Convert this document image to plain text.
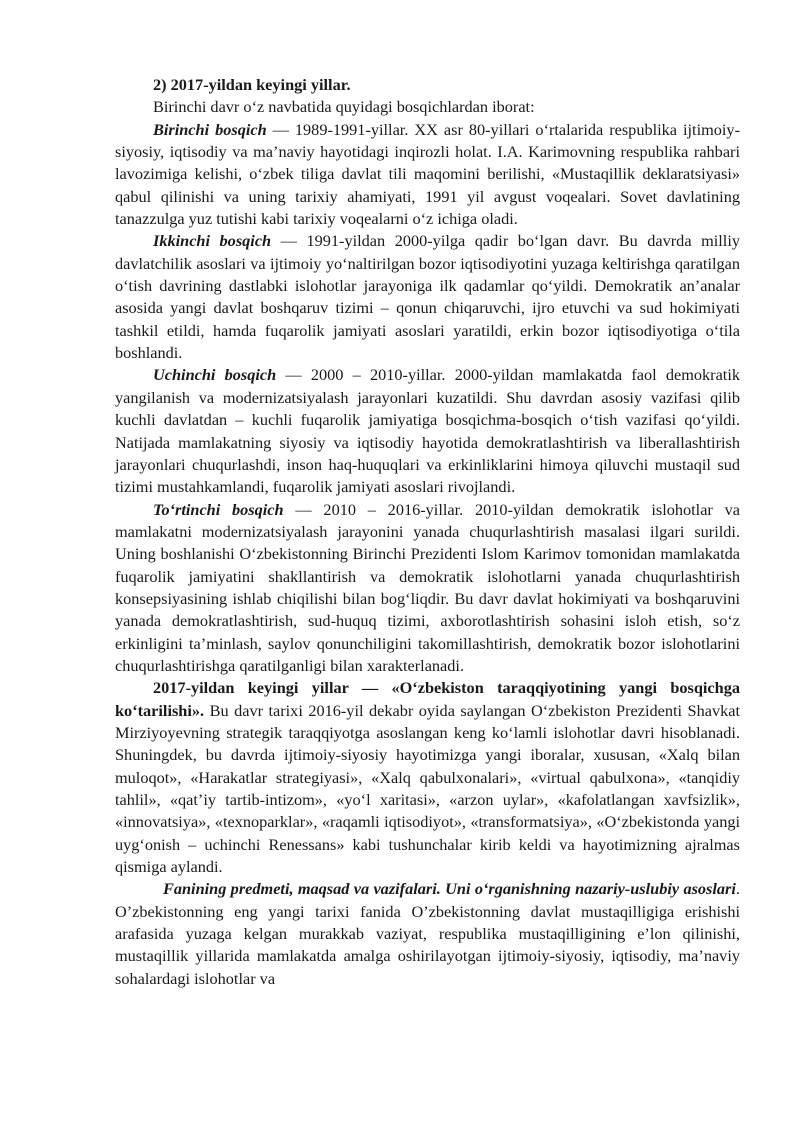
2) 2017-yildan keyingi yillar.

Birinchi davr o‘z navbatida quyidagi bosqichlardan iborat:

Birinchi bosqich — 1989-1991-yillar. XX asr 80-yillari o‘rtalarida respublika ijtimoiy-siyosiy, iqtisodiy va ma’naviy hayotidagi inqirozli holat. I.A. Karimovning respublika rahbari lavozimiga kelishi, o‘zbek tiliga davlat tili maqomini berilishi, «Mustaqillik deklaratsiyasi» qabul qilinishi va uning tarixiy ahamiyati, 1991 yil avgust voqealari. Sovet davlatining tanazzulga yuz tutishi kabi tarixiy voqealarni o‘z ichiga oladi.

Ikkinchi bosqich — 1991-yildan 2000-yilga qadir bo‘lgan davr. Bu davrda milliy davlatchilik asoslari va ijtimoiy yo‘naltirilgan bozor iqtisodiyotini yuzaga keltirishga qaratilgan o‘tish davrining dastlabki islohotlar jarayoniga ilk qadamlar qo‘yildi. Demokratik an’analar asosida yangi davlat boshqaruv tizimi – qonun chiqaruvchi, ijro etuvchi va sud hokimiyati tashkil etildi, hamda fuqarolik jamiyati asoslari yaratildi, erkin bozor iqtisodiyotiga o‘tila boshlandi.

Uchinchi bosqich — 2000 – 2010-yillar. 2000-yildan mamlakatda faol demokratik yangilanish va modernizatsiyalash jarayonlari kuzatildi. Shu davrdan asosiy vazifasi qilib kuchli davlatdan – kuchli fuqarolik jamiyatiga bosqichma-bosqich o‘tish vazifasi qo‘yildi. Natijada mamlakatning siyosiy va iqtisodiy hayotida demokratlashtirish va liberallashtirish jarayonlari chuqurlashdi, inson haq-huquqlari va erkinliklarini himoya qiluvchi mustaqil sud tizimi mustahkamlandi, fuqarolik jamiyati asoslari rivojlandi.

To‘rtinchi bosqich — 2010 – 2016-yillar. 2010-yildan demokratik islohotlar va mamlakatni modernizatsiyalash jarayonini yanada chuqurlashtirish masalasi ilgari surildi. Uning boshlanishi O‘zbekistonning Birinchi Prezidenti Islom Karimov tomonidan mamlakatda fuqarolik jamiyatini shakllantirish va demokratik islohotlarni yanada chuqurlashtirish konsepsiyasining ishlab chiqilishi bilan bog‘liqdir. Bu davr davlat hokimiyati va boshqaruvini yanada demokratlashtirish, sud-huquq tizimi, axborotlashtirish sohasini isloh etish, so‘z erkinligini ta’minlash, saylov qonunchiligini takomillashtirish, demokratik bozor islohotlarini chuqurlashtirishga qaratilganligi bilan xarakterlanadi.

2017-yildan keyingi yillar — «O‘zbekiston taraqqiyotining yangi bosqichga ko‘tarilishi». Bu davr tarixi 2016-yil dekabr oyida saylangan O‘zbekiston Prezidenti Shavkat Mirziyoyevning strategik taraqqiyotga asoslangan keng ko‘lamli islohotlar davri hisoblanadi. Shuningdek, bu davrda ijtimoiy-siyosiy hayotimizga yangi iboralar, xususan, «Xalq bilan muloqot», «Harakatlar strategiyasi», «Xalq qabulxonalari», «virtual qabulxona», «tanqidiy tahlil», «qat’iy tartib-intizom», «yo‘l xaritasi», «arzon uylar», «kafolatlangan xavfsizlik», «innovatsiya», «texnoparklar», «raqamli iqtisodiyot», «transformatsiya», «O‘zbekistonda yangi uyg‘onish – uchinchi Renessans» kabi tushunchalar kirib keldi va hayotimizning ajralmas qismiga aylandi.

Fanining predmeti, maqsad va vazifalari. Uni o‘rganishning nazariy-uslubiy asoslari. O’zbekistonning eng yangi tarixi fanida O’zbekistonning davlat mustaqilligiga erishishi arafasida yuzaga kelgan murakkab vaziyat, respublika mustaqilligining e’lon qilinishi, mustaqillik yillarida mamlakatda amalga oshirilayotgan ijtimoiy-siyosiy, iqtisodiy, ma’naviy sohalardagi islohotlar va
